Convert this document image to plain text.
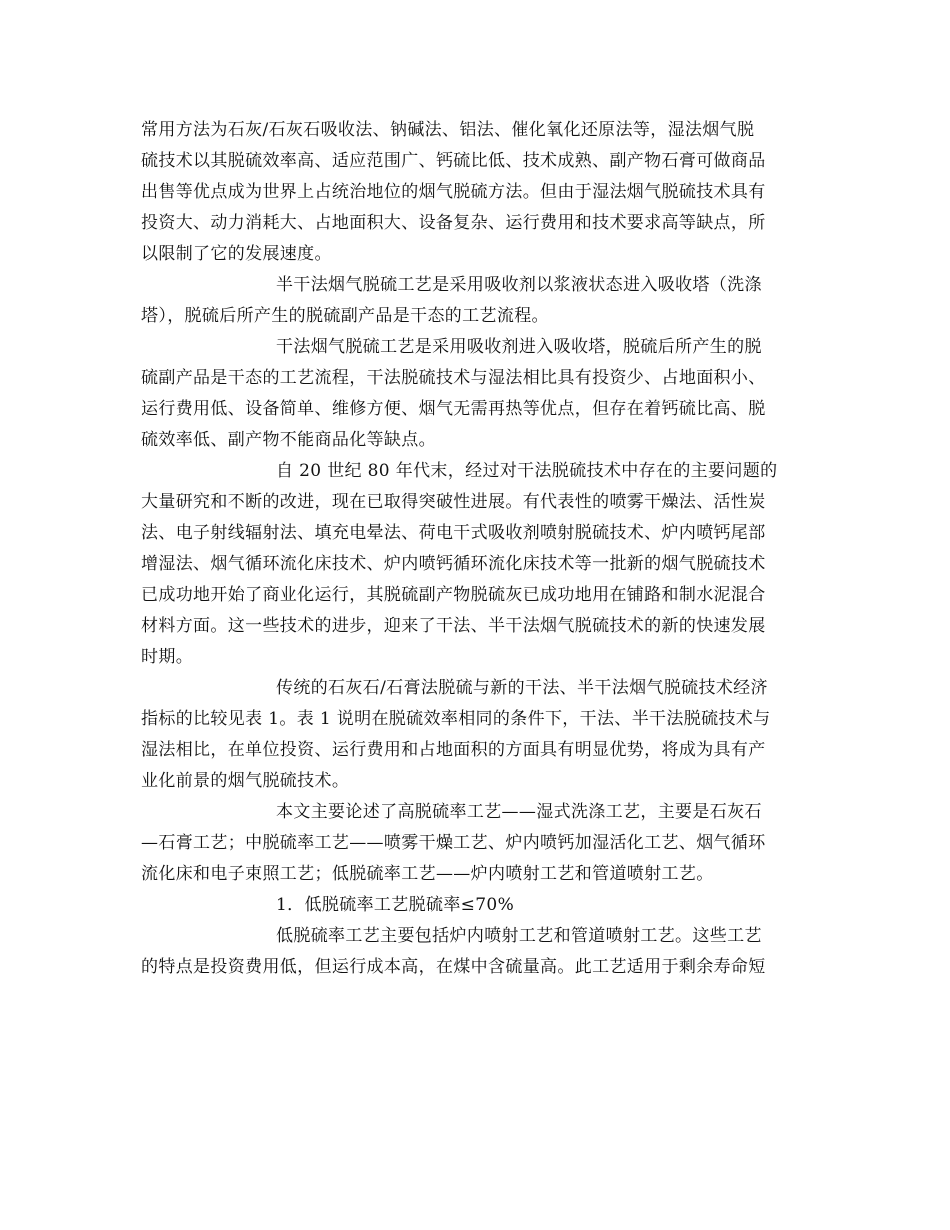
常用方法为石灰/石灰石吸收法、钠碱法、铝法、催化氧化还原法等，湿法烟气脱
硫技术以其脱硫效率高、适应范围广、钙硫比低、技术成熟、副产物石膏可做商品
出售等优点成为世界上占统治地位的烟气脱硫方法。但由于湿法烟气脱硫技术具有
投资大、动力消耗大、占地面积大、设备复杂、运行费用和技术要求高等缺点，所
以限制了它的发展速度。
半干法烟气脱硫工艺是采用吸收剂以浆液状态进入吸收塔（洗涤
塔），脱硫后所产生的脱硫副产品是干态的工艺流程。
干法烟气脱硫工艺是采用吸收剂进入吸收塔，脱硫后所产生的脱
硫副产品是干态的工艺流程，干法脱硫技术与湿法相比具有投资少、占地面积小、
运行费用低、设备简单、维修方便、烟气无需再热等优点，但存在着钙硫比高、脱
硫效率低、副产物不能商品化等缺点。
自 20 世纪 80 年代末，经过对干法脱硫技术中存在的主要问题的
大量研究和不断的改进，现在已取得突破性进展。有代表性的喷雾干燥法、活性炭
法、电子射线辐射法、填充电晕法、荷电干式吸收剂喷射脱硫技术、炉内喷钙尾部
增湿法、烟气循环流化床技术、炉内喷钙循环流化床技术等一批新的烟气脱硫技术
已成功地开始了商业化运行，其脱硫副产物脱硫灰已成功地用在铺路和制水泥混合
材料方面。这一些技术的进步，迎来了干法、半干法烟气脱硫技术的新的快速发展
时期。
传统的石灰石/石膏法脱硫与新的干法、半干法烟气脱硫技术经济
指标的比较见表 1。表 1 说明在脱硫效率相同的条件下，干法、半干法脱硫技术与
湿法相比，在单位投资、运行费用和占地面积的方面具有明显优势，将成为具有产
业化前景的烟气脱硫技术。
本文主要论述了高脱硫率工艺——湿式洗涤工艺，主要是石灰石
—石膏工艺；中脱硫率工艺——喷雾干燥工艺、炉内喷钙加湿活化工艺、烟气循环
流化床和电子束照工艺；低脱硫率工艺——炉内喷射工艺和管道喷射工艺。
1．低脱硫率工艺脱硫率≤70%
低脱硫率工艺主要包括炉内喷射工艺和管道喷射工艺。这些工艺
的特点是投资费用低，但运行成本高，在煤中含硫量高。此工艺适用于剩余寿命短
